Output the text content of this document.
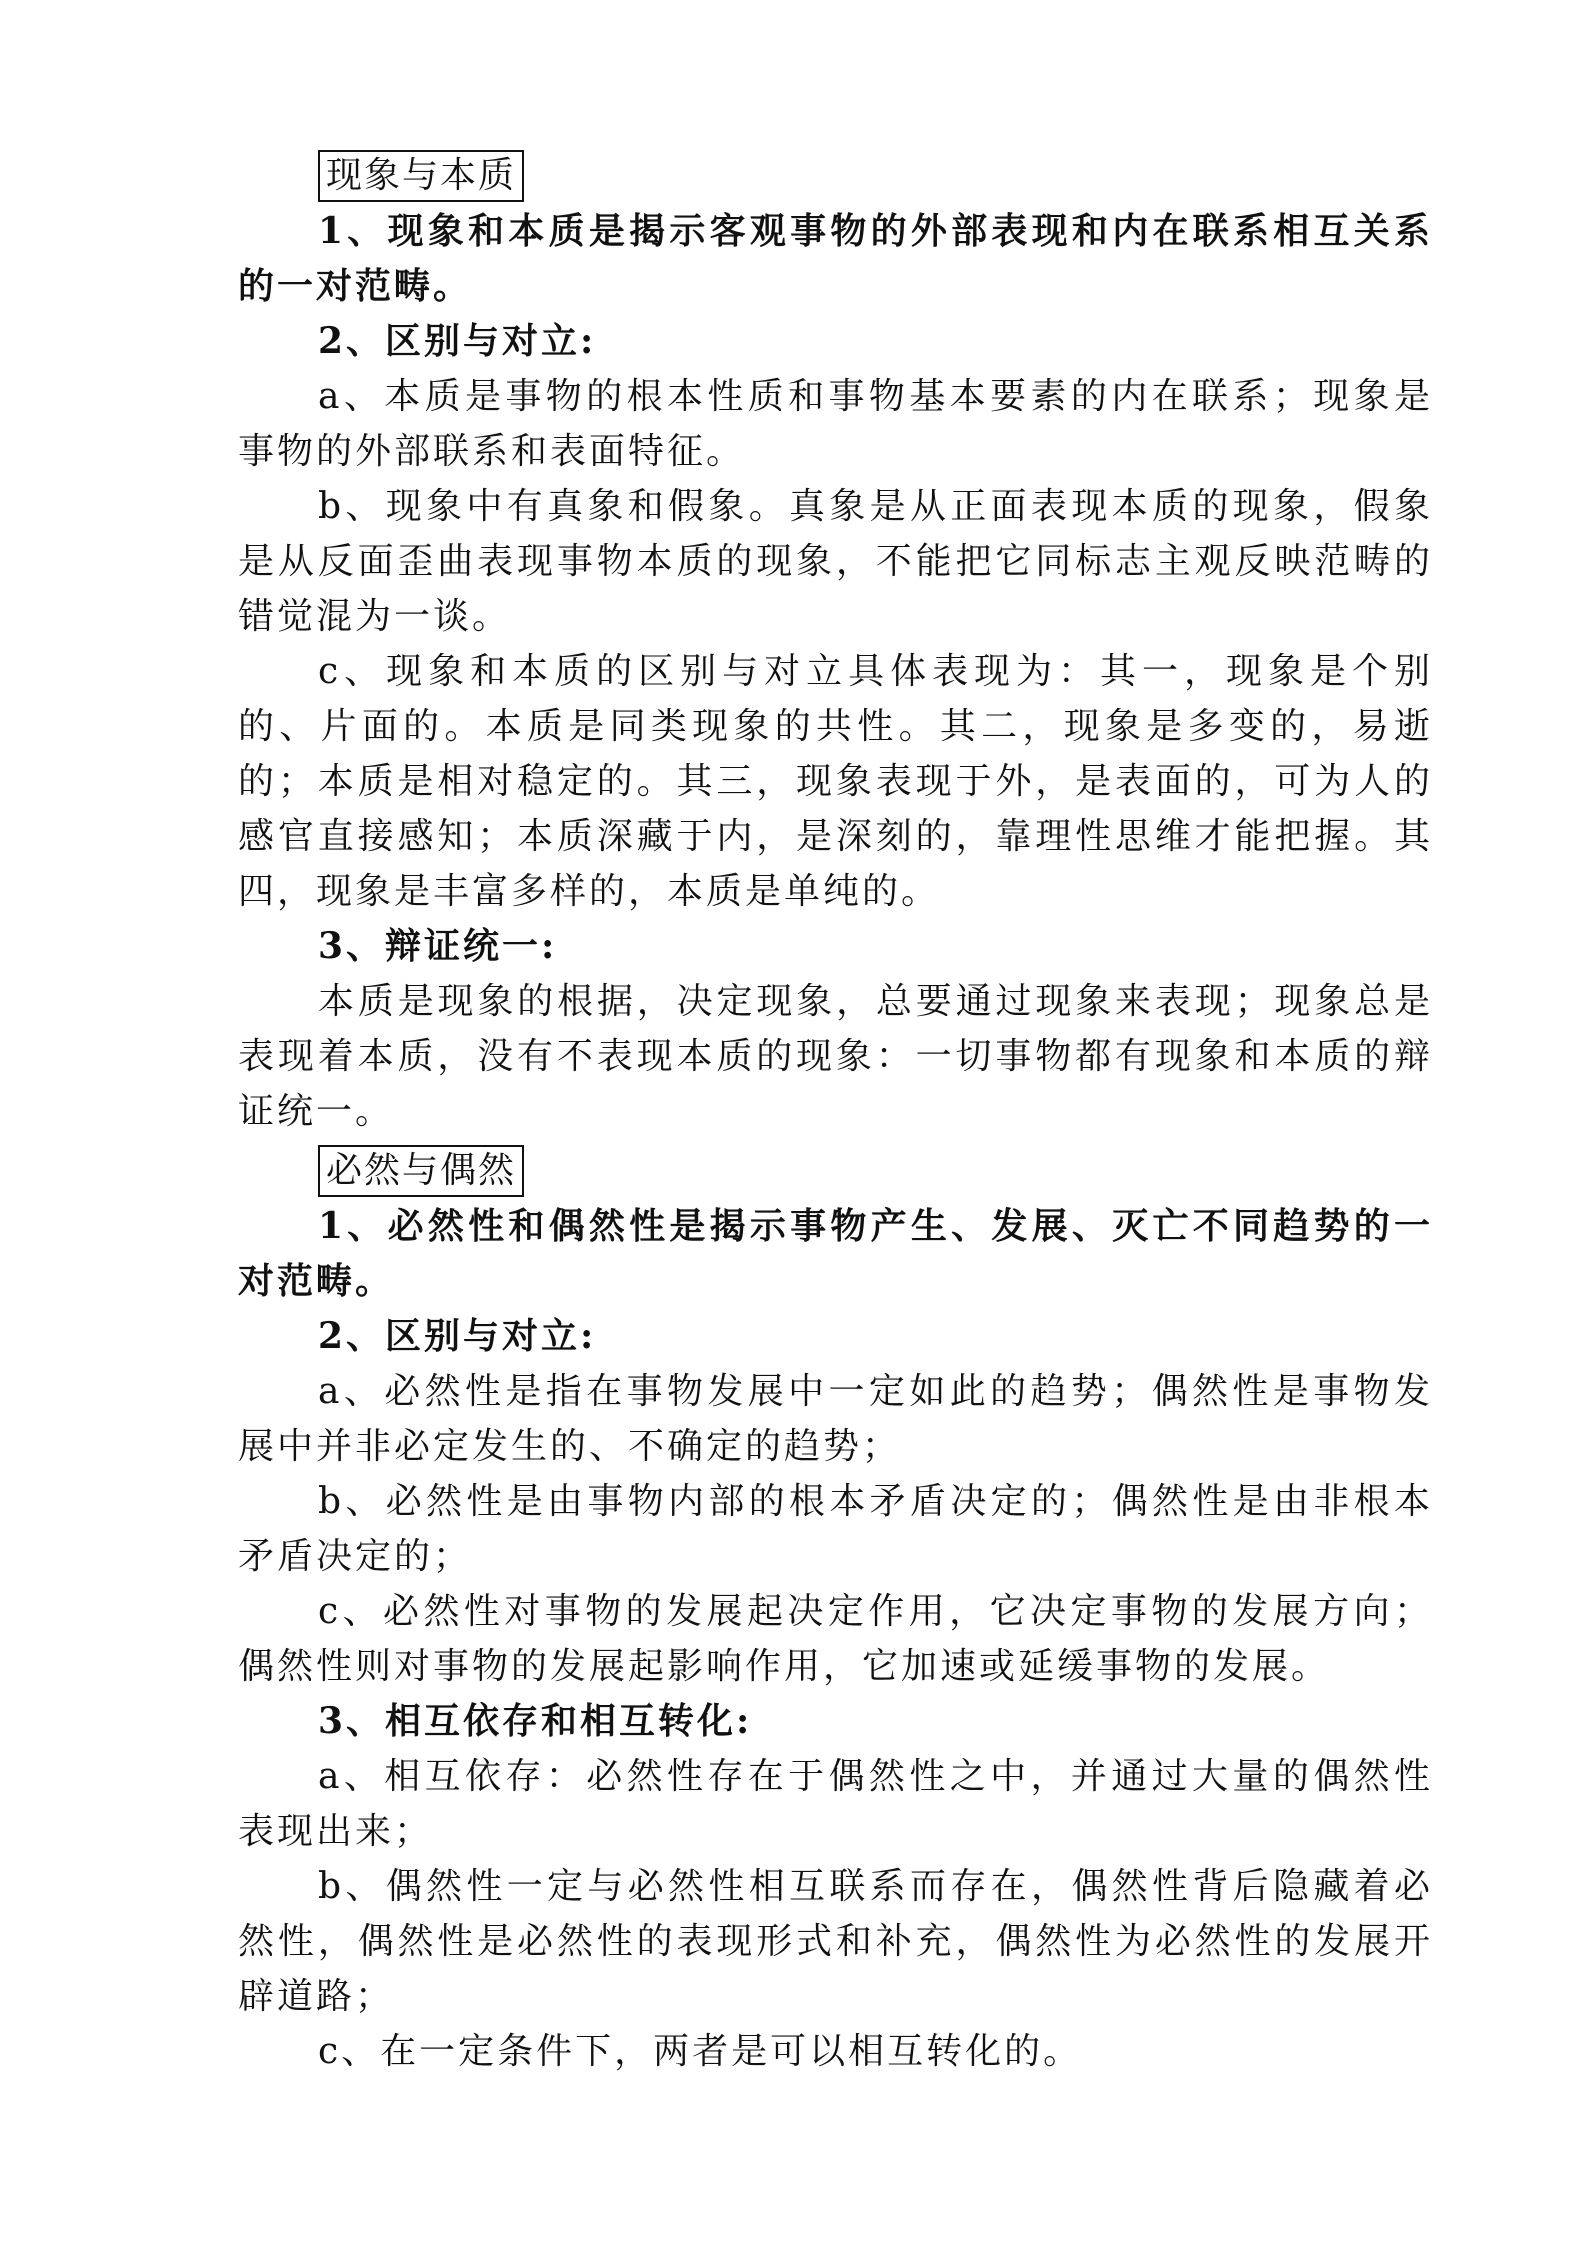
现象与本质

1、现象和本质是揭示客观事物的外部表现和内在联系相互关系的一对范畴。

2、区别与对立:

a、本质是事物的根本性质和事物基本要素的内在联系；现象是事物的外部联系和表面特征。

b、现象中有真象和假象。真象是从正面表现本质的现象，假象是从反面歪曲表现事物本质的现象，不能把它同标志主观反映范畴的错觉混为一谈。

c、现象和本质的区别与对立具体表现为：其一，现象是个别的、片面的。本质是同类现象的共性。其二，现象是多变的，易逝的；本质是相对稳定的。其三，现象表现于外，是表面的，可为人的感官直接感知；本质深藏于内，是深刻的，靠理性思维才能把握。其四，现象是丰富多样的，本质是单纯的。

3、辩证统一:

本质是现象的根据，决定现象，总要通过现象来表现；现象总是表现着本质，没有不表现本质的现象：一切事物都有现象和本质的辩证统一。

必然与偶然

1、必然性和偶然性是揭示事物产生、发展、灭亡不同趋势的一对范畴。

2、区别与对立:

a、必然性是指在事物发展中一定如此的趋势；偶然性是事物发展中并非必定发生的、不确定的趋势；

b、必然性是由事物内部的根本矛盾决定的；偶然性是由非根本矛盾决定的；

c、必然性对事物的发展起决定作用，它决定事物的发展方向；偶然性则对事物的发展起影响作用，它加速或延缓事物的发展。

3、相互依存和相互转化:

a、相互依存：必然性存在于偶然性之中，并通过大量的偶然性表现出来；

b、偶然性一定与必然性相互联系而存在，偶然性背后隐藏着必然性，偶然性是必然性的表现形式和补充，偶然性为必然性的发展开辟道路；

c、在一定条件下，两者是可以相互转化的。
